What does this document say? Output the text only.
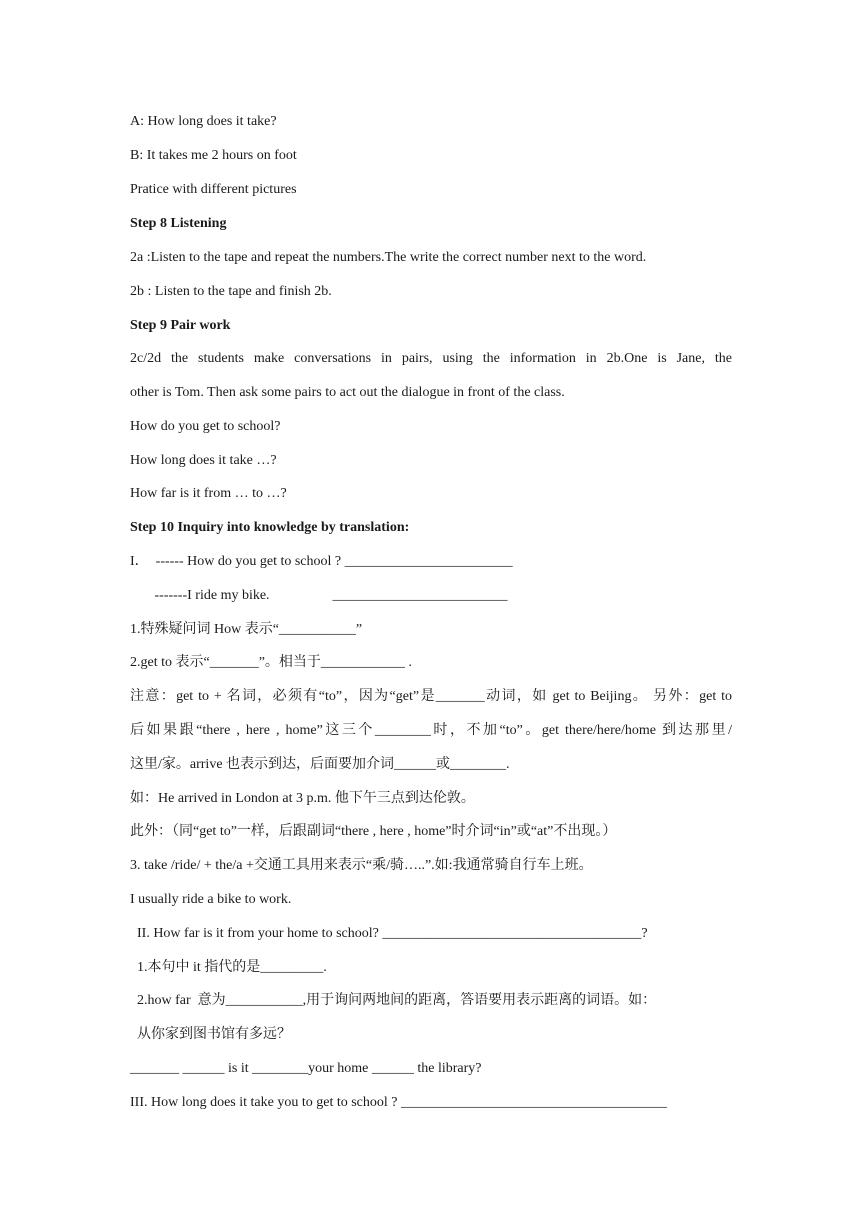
A: How long does it take?
B: It takes me 2 hours on foot
Pratice with different pictures
Step 8 Listening
2a :Listen to the tape and repeat the numbers.The write the correct number next to the word.
2b : Listen to the tape and finish 2b.
Step 9 Pair work
2c/2d the students make conversations in pairs, using the information in 2b.One is Jane, the
other is Tom. Then ask some pairs to act out the dialogue in front of the class.
How do you get to school?
How long does it take …?
How far is it from … to …?
Step 10 Inquiry into knowledge by translation:
I．  ------ How do you get to school ? ________________________
-------I ride my bike.                  _________________________
1.特殊疑问词 How 表示“___________”
2.get to 表示“_______”。相当于____________ .
注意：get to + 名词，必须有“to”，因为“get”是_______动词，如 get to Beijing。 另外：get to
后如果跟“there , here , home”这三个________时，不加“to”。get there/here/home 到达那里/
这里/家。arrive 也表示到达，后面要加介词______或________.
如：He arrived in London at 3 p.m. 他下午三点到达伦敦。
此外：（同“get to”一样，后跟副词“there , here , home”时介词“in”或“at”不出现。）
3. take /ride/ + the/a +交通工具用来表示“乘/骑…..”.如:我通常骑自行车上班。
I usually ride a bike to work.
II. How far is it from your home to school? _____________________________________?
1.本句中 it 指代的是_________.
2.how far  意为___________,用于询问两地间的距离，答语要用表示距离的词语。如：
从你家到图书馆有多远？
_______ ______ is it ________your home ______ the library?
III. How long does it take you to get to school ? ______________________________________
